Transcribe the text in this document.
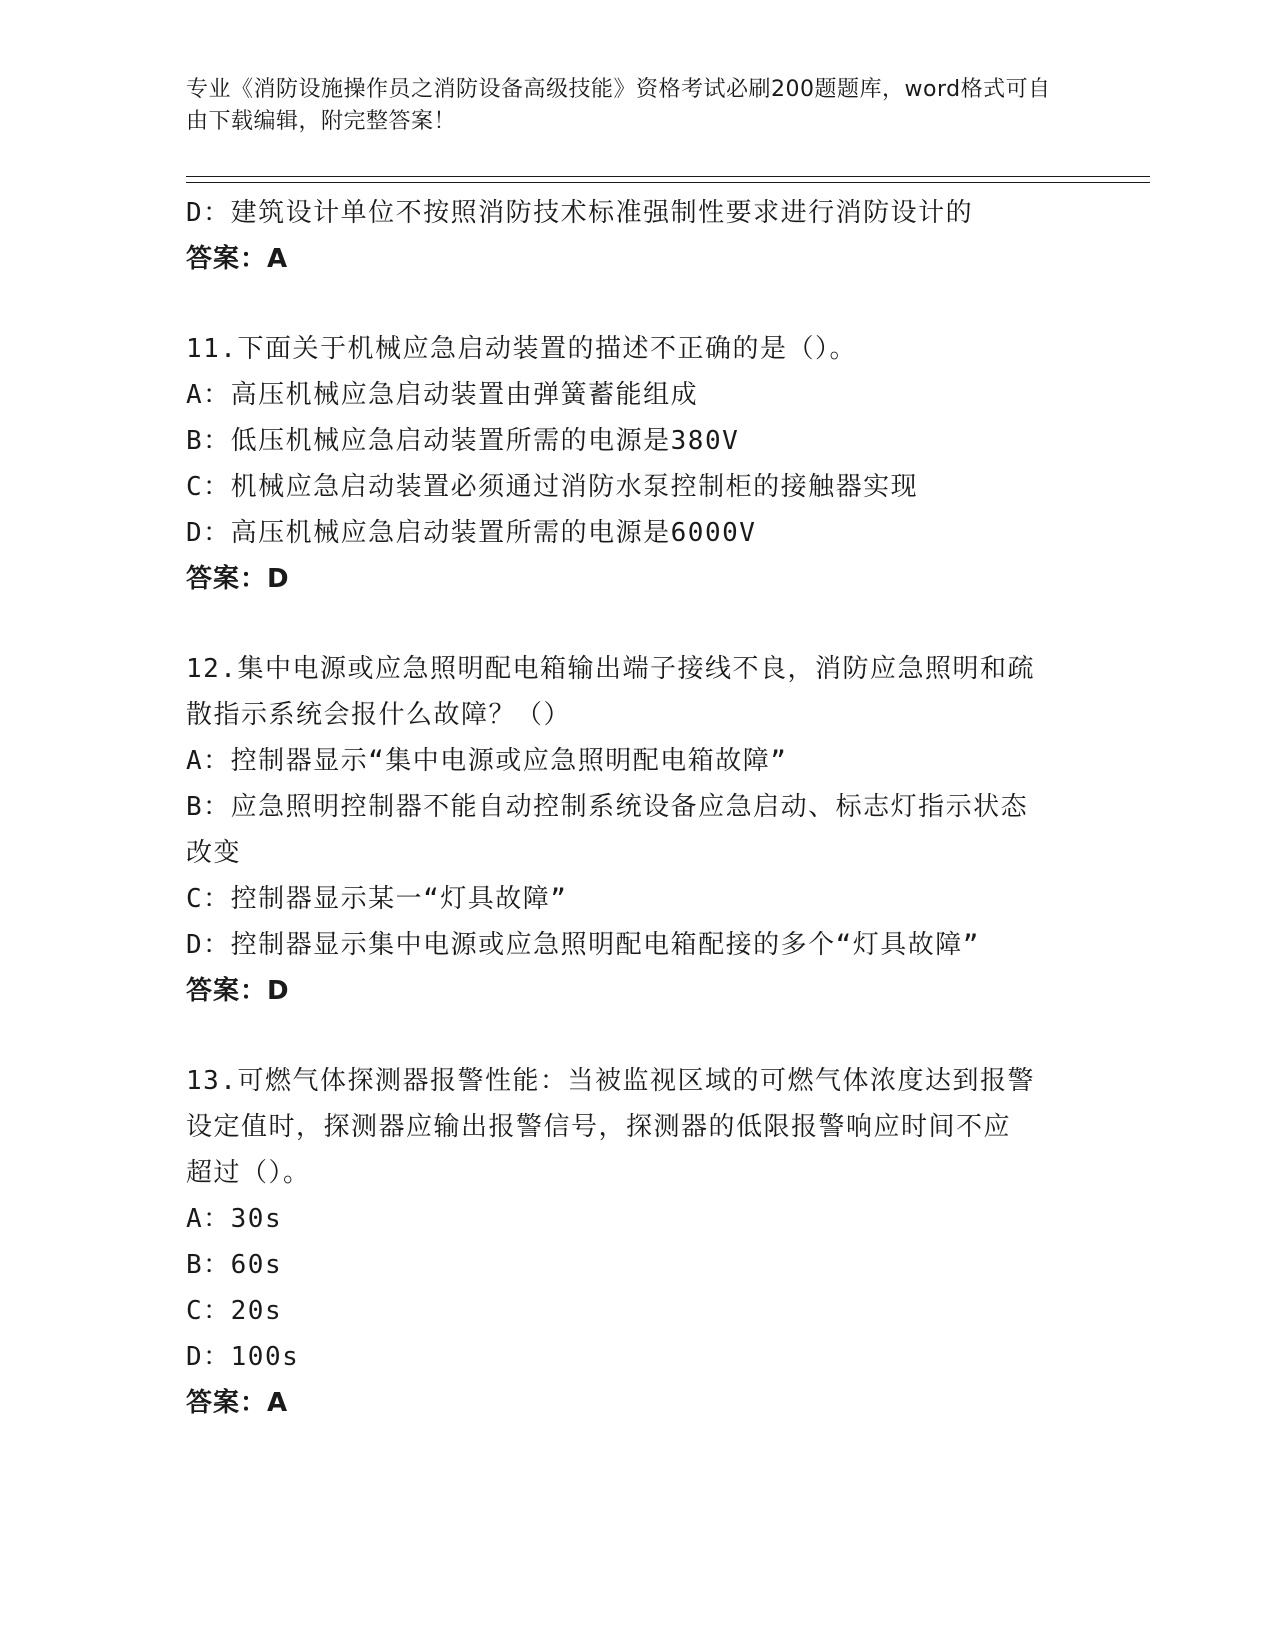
专业《消防设施操作员之消防设备高级技能》资格考试必刷200题题库，word格式可自由下载编辑，附完整答案！
D：建筑设计单位不按照消防技术标准强制性要求进行消防设计的
答案：A
11.下面关于机械应急启动装置的描述不正确的是（）。
A：高压机械应急启动装置由弹簧蓄能组成
B：低压机械应急启动装置所需的电源是380V
C：机械应急启动装置必须通过消防水泵控制柜的接触器实现
D：高压机械应急启动装置所需的电源是6000V
答案：D
12.集中电源或应急照明配电箱输出端子接线不良，消防应急照明和疏
散指示系统会报什么故障？（）
A：控制器显示“集中电源或应急照明配电箱故障”
B：应急照明控制器不能自动控制系统设备应急启动、标志灯指示状态
改变
C：控制器显示某一“灯具故障”
D：控制器显示集中电源或应急照明配电箱配接的多个“灯具故障”
答案：D
13.可燃气体探测器报警性能：当被监视区域的可燃气体浓度达到报警
设定值时，探测器应输出报警信号，探测器的低限报警响应时间不应
超过（）。
A：30s
B：60s
C：20s
D：100s
答案：A
